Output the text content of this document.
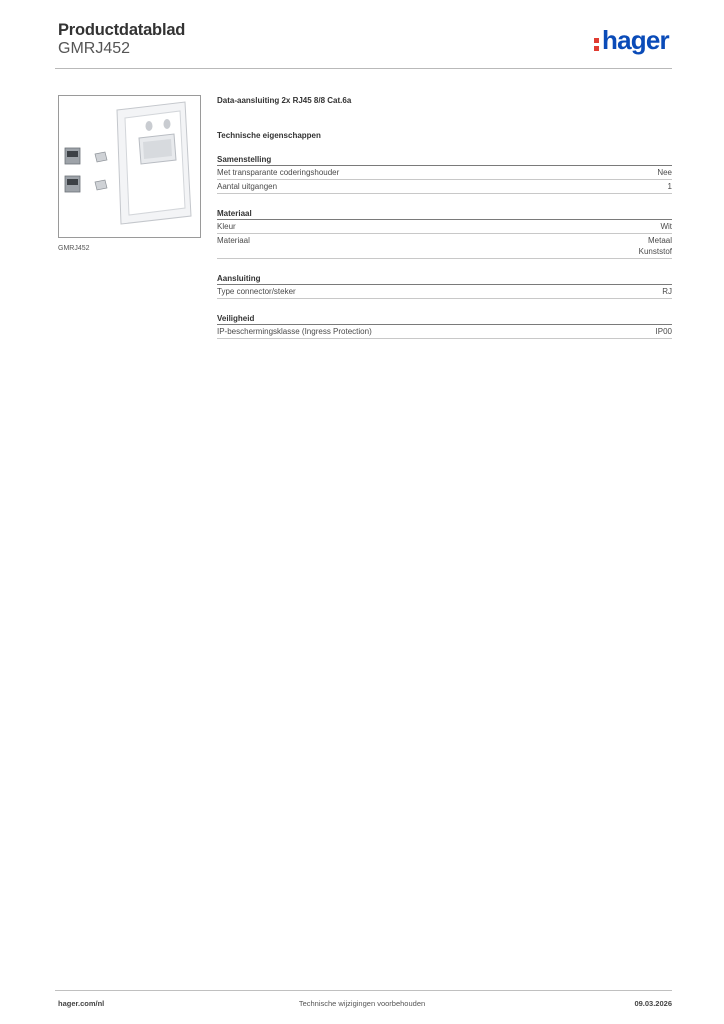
Productdatablad
GMRJ452	hager
GMRJ452
Data-aansluiting 2x RJ45 8/8 Cat.6a
Technische eigenschappen
Samenstelling
Met transparante coderingshouder	Nee
Aantal uitgangen	1
Materiaal
Kleur	Wit
Materiaal	Metaal
Kunststof
Aansluiting
Type connector/steker	RJ
Veiligheid
IP-beschermingsklasse (Ingress Protection)	IP00
hager.com/nl	Technische wijzigingen voorbehouden	09.03.2026
